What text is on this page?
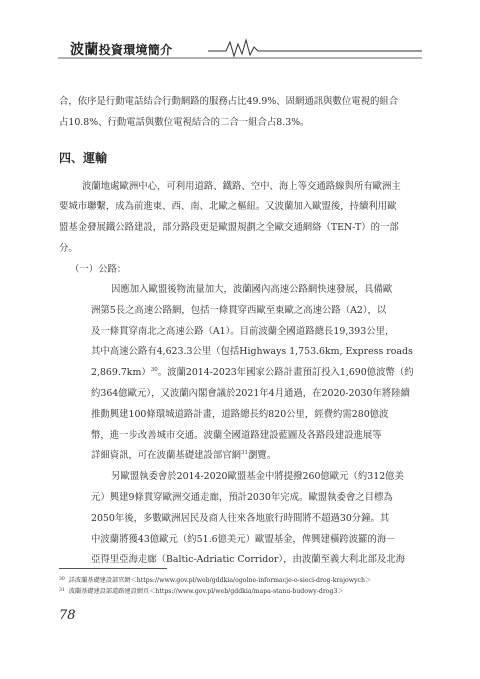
波蘭投資環境簡介
合，依序是行動電話結合行動網路的服務占比49.9%、固網通訊與數位電視的組合
占10.8%、行動電話與數位電視結合的二合一組合占8.3%。
四、運輸
波蘭地處歐洲中心，可利用道路、鐵路、空中、海上等交通路線與所有歐洲主
要城市聯繫，成為前進東、西、南、北歐之樞紐。又波蘭加入歐盟後，持續利用歐
盟基金發展鐵公路建設，部分路段更是歐盟規劃之全歐交通網絡（TEN-T）的一部
分。
（一）公路：
因應加入歐盟後物流量加大，波蘭國內高速公路網快速發展，具備歐
洲第5長之高速公路網，包括一條貫穿西歐至東歐之高速公路（A2），以
及一條貫穿南北之高速公路（A1）。目前波蘭全國道路總長19,393公里，
其中高速公路有4,623.3公里（包括Highways 1,753.6km, Express roads
2,869.7km）$^{30}$。波蘭2014-2023年國家公路計畫預訂投入1,690億波幣（約
約364億歐元），又波蘭內閣會議於2021年4月通過，在2020-2030年將陸續
推動興建100條環城道路計畫，道路總長約820公里，經費約需280億波
幣，進一步改善城市交通。波蘭全國道路建設藍圖及各路段建設進展等
詳細資訊，可在波蘭基礎建設部官網$^{31}$瀏覽。
另歐盟執委會於2014-2020歐盟基金中將提撥260億歐元（約312億美
元）興建9條貫穿歐洲交通走廊，預計2030年完成。歐盟執委會之目標為
2050年後，多數歐洲居民及商人往來各地旅行時間將不超過30分鐘。其
中波蘭將獲43億歐元（約51.6億美元）歐盟基金，俾興建橫跨波羅的海－
亞得里亞海走廊（Baltic-Adriatic Corridor），由波蘭至義大利北部及北海
$^{30}$ 詳波蘭基礎建設部官網＜https://www.gov.pl/web/gddkia/ogolne-informacje-o-sieci-drog-krajowych＞
$^{31}$ 波蘭基礎建設部道路建設網頁＜https://www.gov.pl/web/gddkia/mapa-stanu-budowy-drog3＞
78
